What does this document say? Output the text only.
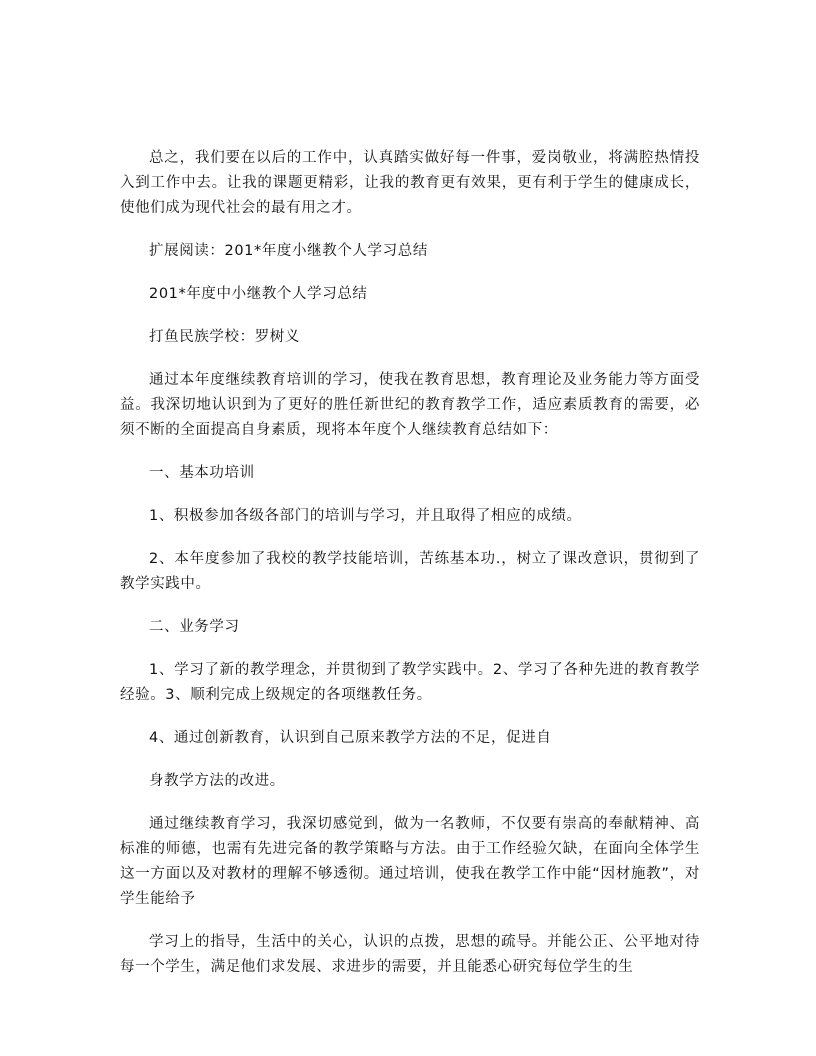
总之，我们要在以后的工作中，认真踏实做好每一件事，爱岗敬业，将满腔热情投入到工作中去。让我的课题更精彩，让我的教育更有效果，更有利于学生的健康成长，使他们成为现代社会的最有用之才。

扩展阅读：201*年度小继教个人学习总结

201*年度中小继教个人学习总结

打鱼民族学校：罗树义

通过本年度继续教育培训的学习，使我在教育思想，教育理论及业务能力等方面受益。我深切地认识到为了更好的胜任新世纪的教育教学工作，适应素质教育的需要，必须不断的全面提高自身素质，现将本年度个人继续教育总结如下：

一、基本功培训

1、积极参加各级各部门的培训与学习，并且取得了相应的成绩。

2、本年度参加了我校的教学技能培训，苦练基本功.，树立了课改意识，贯彻到了教学实践中。

二、业务学习

1、学习了新的教学理念，并贯彻到了教学实践中。2、学习了各种先进的教育教学经验。3、顺利完成上级规定的各项继教任务。

4、通过创新教育，认识到自己原来教学方法的不足，促进自

身教学方法的改进。

通过继续教育学习，我深切感觉到，做为一名教师，不仅要有崇高的奉献精神、高标准的师德，也需有先进完备的教学策略与方法。由于工作经验欠缺，在面向全体学生这一方面以及对教材的理解不够透彻。通过培训，使我在教学工作中能“因材施教”，对学生能给予

学习上的指导，生活中的关心，认识的点拨，思想的疏导。并能公正、公平地对待每一个学生，满足他们求发展、求进步的需要，并且能悉心研究每位学生的生
